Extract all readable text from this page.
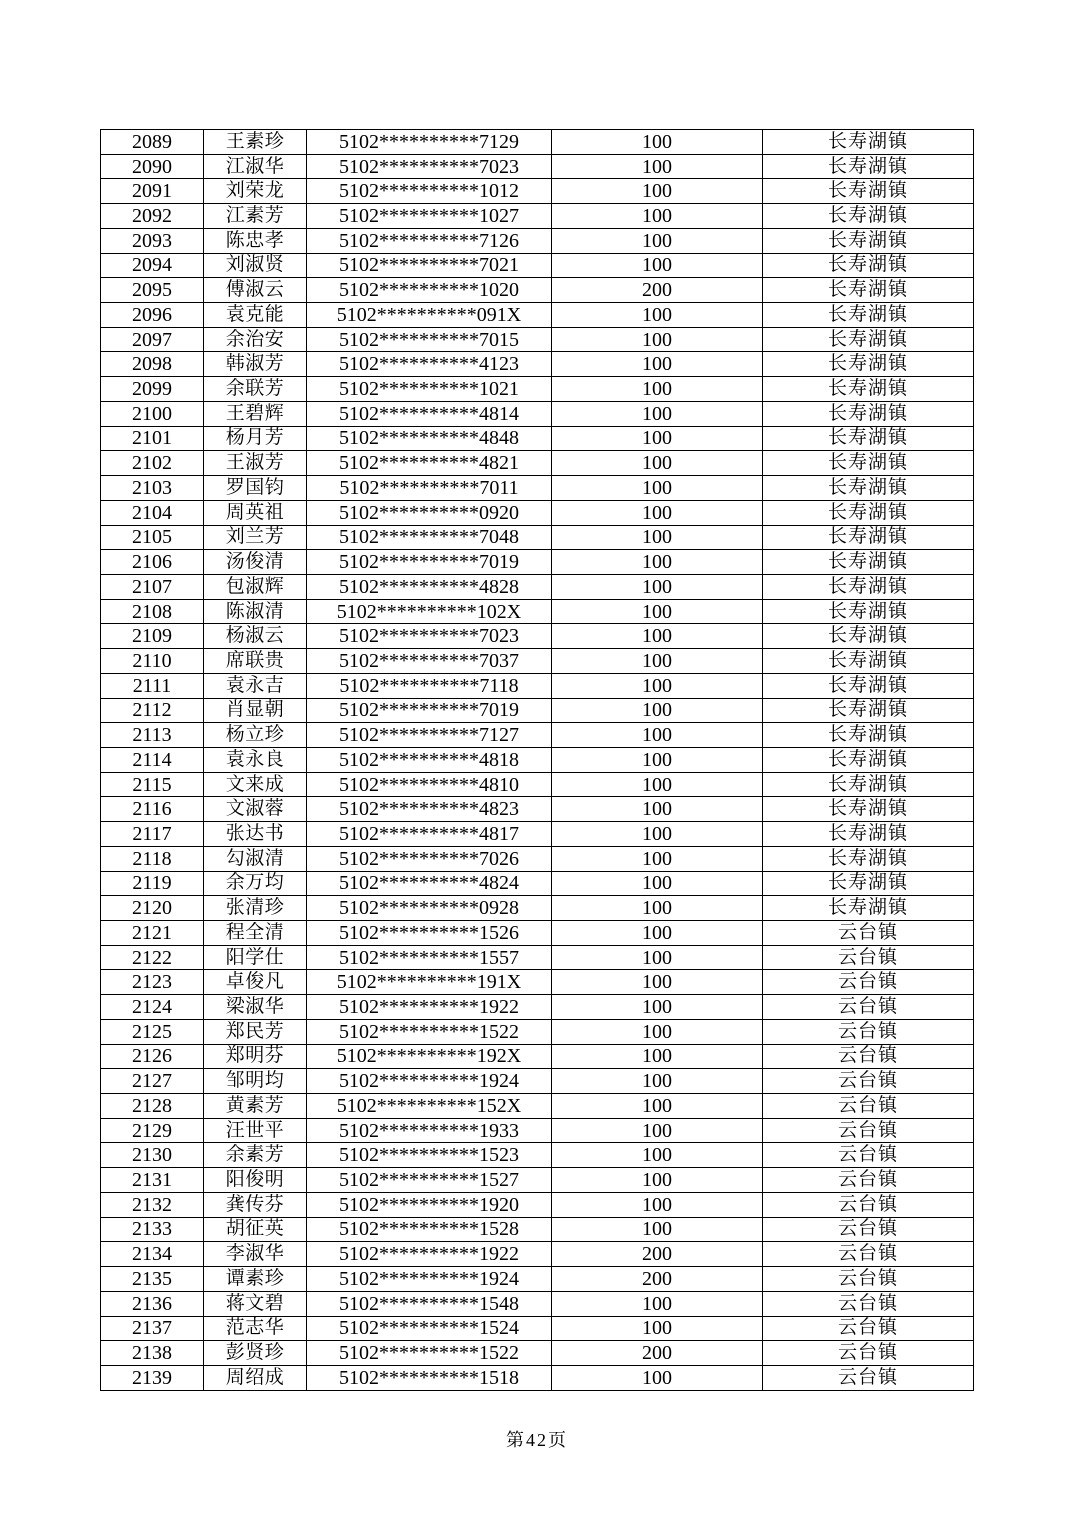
2089	王素珍	5102**********7129	100	长寿湖镇
2090	江淑华	5102**********7023	100	长寿湖镇
2091	刘荣龙	5102**********1012	100	长寿湖镇
2092	江素芳	5102**********1027	100	长寿湖镇
2093	陈忠孝	5102**********7126	100	长寿湖镇
2094	刘淑贤	5102**********7021	100	长寿湖镇
2095	傅淑云	5102**********1020	200	长寿湖镇
2096	袁克能	5102**********091X	100	长寿湖镇
2097	余治安	5102**********7015	100	长寿湖镇
2098	韩淑芳	5102**********4123	100	长寿湖镇
2099	余联芳	5102**********1021	100	长寿湖镇
2100	王碧辉	5102**********4814	100	长寿湖镇
2101	杨月芳	5102**********4848	100	长寿湖镇
2102	王淑芳	5102**********4821	100	长寿湖镇
2103	罗国钧	5102**********7011	100	长寿湖镇
2104	周英祖	5102**********0920	100	长寿湖镇
2105	刘兰芳	5102**********7048	100	长寿湖镇
2106	汤俊清	5102**********7019	100	长寿湖镇
2107	包淑辉	5102**********4828	100	长寿湖镇
2108	陈淑清	5102**********102X	100	长寿湖镇
2109	杨淑云	5102**********7023	100	长寿湖镇
2110	席联贵	5102**********7037	100	长寿湖镇
2111	袁永吉	5102**********7118	100	长寿湖镇
2112	肖显朝	5102**********7019	100	长寿湖镇
2113	杨立珍	5102**********7127	100	长寿湖镇
2114	袁永良	5102**********4818	100	长寿湖镇
2115	文来成	5102**********4810	100	长寿湖镇
2116	文淑蓉	5102**********4823	100	长寿湖镇
2117	张达书	5102**********4817	100	长寿湖镇
2118	勾淑清	5102**********7026	100	长寿湖镇
2119	余万均	5102**********4824	100	长寿湖镇
2120	张清珍	5102**********0928	100	长寿湖镇
2121	程全清	5102**********1526	100	云台镇
2122	阳学仕	5102**********1557	100	云台镇
2123	卓俊凡	5102**********191X	100	云台镇
2124	梁淑华	5102**********1922	100	云台镇
2125	郑民芳	5102**********1522	100	云台镇
2126	郑明芬	5102**********192X	100	云台镇
2127	邹明均	5102**********1924	100	云台镇
2128	黄素芳	5102**********152X	100	云台镇
2129	汪世平	5102**********1933	100	云台镇
2130	余素芳	5102**********1523	100	云台镇
2131	阳俊明	5102**********1527	100	云台镇
2132	龚传芬	5102**********1920	100	云台镇
2133	胡征英	5102**********1528	100	云台镇
2134	李淑华	5102**********1922	200	云台镇
2135	谭素珍	5102**********1924	200	云台镇
2136	蒋文碧	5102**********1548	100	云台镇
2137	范志华	5102**********1524	100	云台镇
2138	彭贤珍	5102**********1522	200	云台镇
2139	周绍成	5102**********1518	100	云台镇
第42页
